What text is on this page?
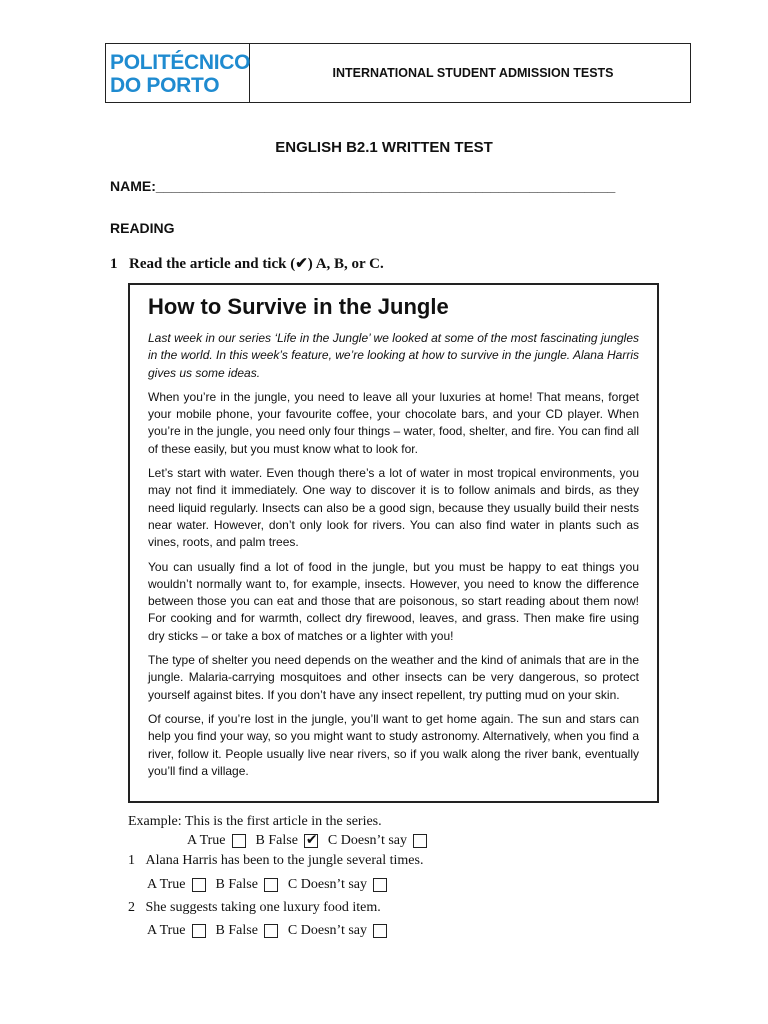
POLITÉCNICO
DO PORTO
INTERNATIONAL STUDENT ADMISSION TESTS
ENGLISH B2.1 WRITTEN TEST
NAME:___________________________________________________________
READING
1 Read the article and tick (✔) A, B, or C.
How to Survive in the Jungle

Last week in our series ‘Life in the Jungle’ we looked at some of the most fascinating jungles in the world. In this week’s feature, we’re looking at how to survive in the jungle. Alana Harris gives us some ideas.

When you’re in the jungle, you need to leave all your luxuries at home! That means, forget your mobile phone, your favourite coffee, your chocolate bars, and your CD player. When you’re in the jungle, you need only four things – water, food, shelter, and fire. You can find all of these easily, but you must know what to look for.

Let’s start with water. Even though there’s a lot of water in most tropical environments, you may not find it immediately. One way to discover it is to follow animals and birds, as they need liquid regularly. Insects can also be a good sign, because they usually build their nests near water. However, don’t only look for rivers. You can also find water in plants such as vines, roots, and palm trees.

You can usually find a lot of food in the jungle, but you must be happy to eat things you wouldn’t normally want to, for example, insects. However, you need to know the difference between those you can eat and those that are poisonous, so start reading about them now! For cooking and for warmth, collect dry firewood, leaves, and grass. Then make fire using dry sticks – or take a box of matches or a lighter with you!

The type of shelter you need depends on the weather and the kind of animals that are in the jungle. Malaria-carrying mosquitoes and other insects can be very dangerous, so protect yourself against bites. If you don’t have any insect repellent, try putting mud on your skin.

Of course, if you’re lost in the jungle, you’ll want to get home again. The sun and stars can help you find your way, so you might want to study astronomy. Alternatively, when you find a river, follow it. People usually live near rivers, so if you walk along the river bank, eventually you’ll find a village.

Example: This is the first article in the series.
A True B False
✔ C Doesn’t say
1 Alana Harris has been to the jungle several times.
A True B False C Doesn’t say
2 She suggests taking one luxury food item.
A True B False C Doesn’t say
